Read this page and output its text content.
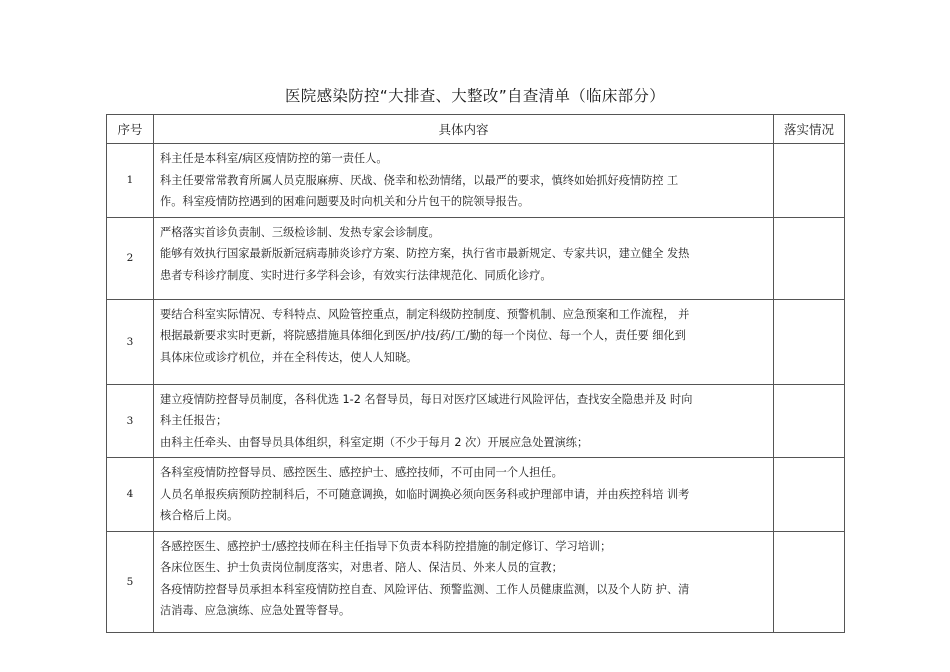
医院感染防控“大排查、大整改”自查清单（临床部分）
序号	具体内容	落实情况
1	科主任是本科室/病区疫情防控的第一责任人。
科主任要常常教育所属人员克服麻痹、厌战、侥幸和松劲情绪，以最严的要求，慎终如始抓好疫情防控 工
作。科室疫情防控遇到的困难问题要及时向机关和分片包干的院领导报告。	

2	严格落实首诊负责制、三级检诊制、发热专家会诊制度。
能够有效执行国家最新版新冠病毒肺炎诊疗方案、防控方案，执行省市最新规定、专家共识，建立健全 发热
患者专科诊疗制度、实时进行多学科会诊，有效实行法律规范化、同质化诊疗。	

3	要结合科室实际情况、专科特点、风险管控重点，制定科级防控制度、预警机制、应急预案和工作流程， 并
根据最新要求实时更新，将院感措施具体细化到医/护/技/药/工/勤的每一个岗位、每一个人，责任要 细化到
具体床位或诊疗机位，并在全科传达，使人人知晓。	

3	建立疫情防控督导员制度，各科优选 1-2 名督导员，每日对医疗区域进行风险评估，查找安全隐患并及 时向
科主任报告；
由科主任牵头、由督导员具体组织，科室定期（不少于每月 2 次）开展应急处置演练；	

4	各科室疫情防控督导员、感控医生、感控护士、感控技师，不可由同一个人担任。
人员名单报疾病预防控制科后，不可随意调换，如临时调换必须向医务科或护理部申请，并由疾控科培 训考
核合格后上岗。	

5	各感控医生、感控护士/感控技师在科主任指导下负责本科防控措施的制定修订、学习培训；
各床位医生、护士负责岗位制度落实，对患者、陪人、保洁员、外来人员的宣教；
各疫情防控督导员承担本科室疫情防控自查、风险评估、预警监测、工作人员健康监测，以及个人防 护、清
洁消毒、应急演练、应急处置等督导。	
